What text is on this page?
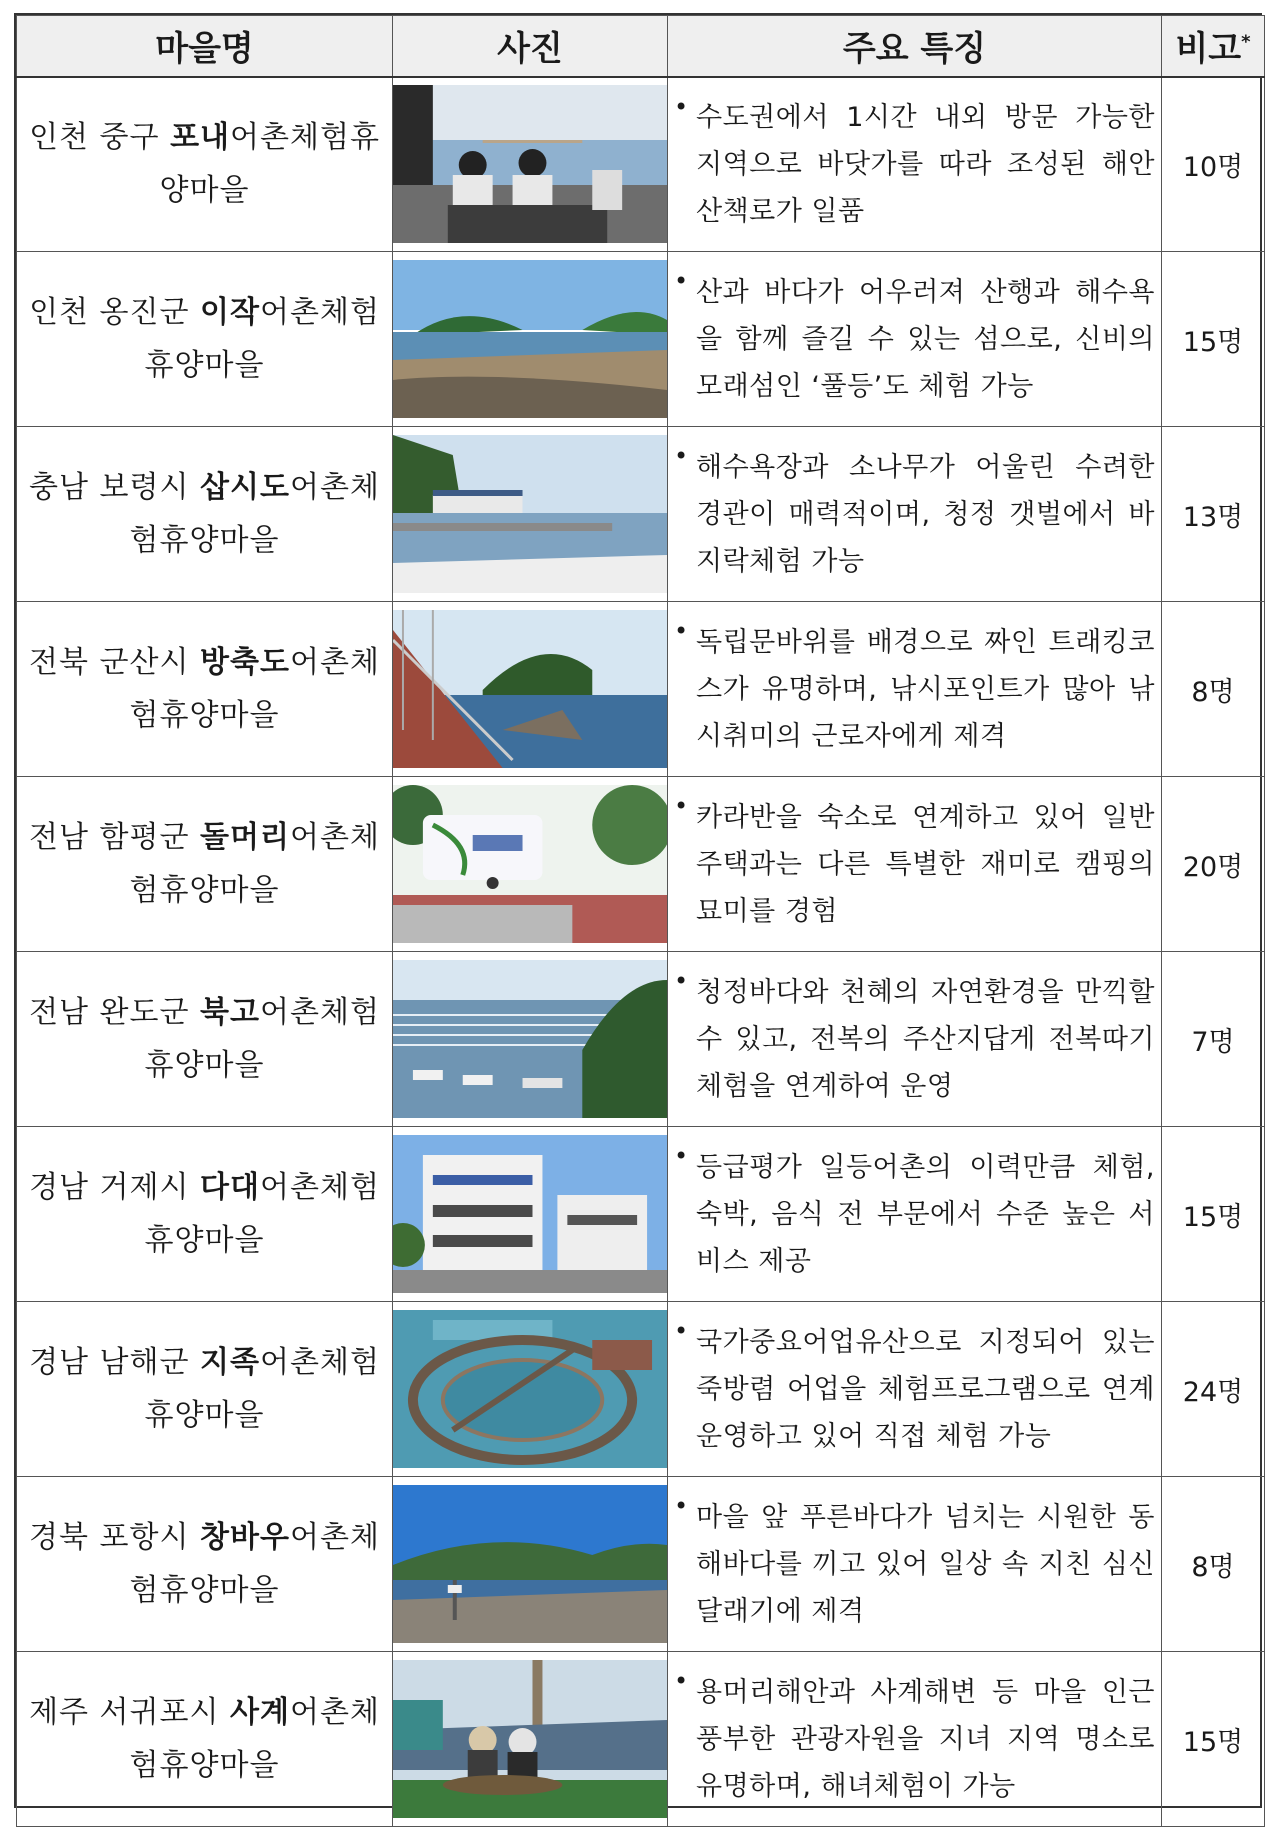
마을명	사진	주요 특징	비고*
인천 중구 포내어촌체험휴양마을		• 수도권에서 1시간 내외 방문 가능한 지역으로 바닷가를 따라 조성된 해안 산책로가 일품	10명
인천 옹진군 이작어촌체험휴양마을		• 산과 바다가 어우러져 산행과 해수욕을 함께 즐길 수 있는 섬으로, 신비의 모래섬인 ‘풀등’도 체험 가능	15명
충남 보령시 삽시도어촌체험휴양마을		• 해수욕장과 소나무가 어울린 수려한 경관이 매력적이며, 청정 갯벌에서 바지락체험 가능	13명
전북 군산시 방축도어촌체험휴양마을		• 독립문바위를 배경으로 짜인 트래킹코스가 유명하며, 낚시포인트가 많아 낚시취미의 근로자에게 제격	8명
전남 함평군 돌머리어촌체험휴양마을		• 카라반을 숙소로 연계하고 있어 일반 주택과는 다른 특별한 재미로 캠핑의 묘미를 경험	20명
전남 완도군 북고어촌체험휴양마을		• 청정바다와 천혜의 자연환경을 만끽할 수 있고, 전복의 주산지답게 전복따기체험을 연계하여 운영	7명
경남 거제시 다대어촌체험휴양마을		• 등급평가 일등어촌의 이력만큼 체험, 숙박, 음식 전 부문에서 수준 높은 서비스 제공	15명
경남 남해군 지족어촌체험휴양마을		• 국가중요어업유산으로 지정되어 있는 죽방렴 어업을 체험프로그램으로 연계 운영하고 있어 직접 체험 가능	24명
경북 포항시 창바우어촌체험휴양마을		• 마을 앞 푸른바다가 넘치는 시원한 동해바다를 끼고 있어 일상 속 지친 심신 달래기에 제격	8명
제주 서귀포시 사계어촌체험휴양마을		• 용머리해안과 사계해변 등 마을 인근 풍부한 관광자원을 지녀 지역 명소로 유명하며, 해녀체험이 가능	15명
